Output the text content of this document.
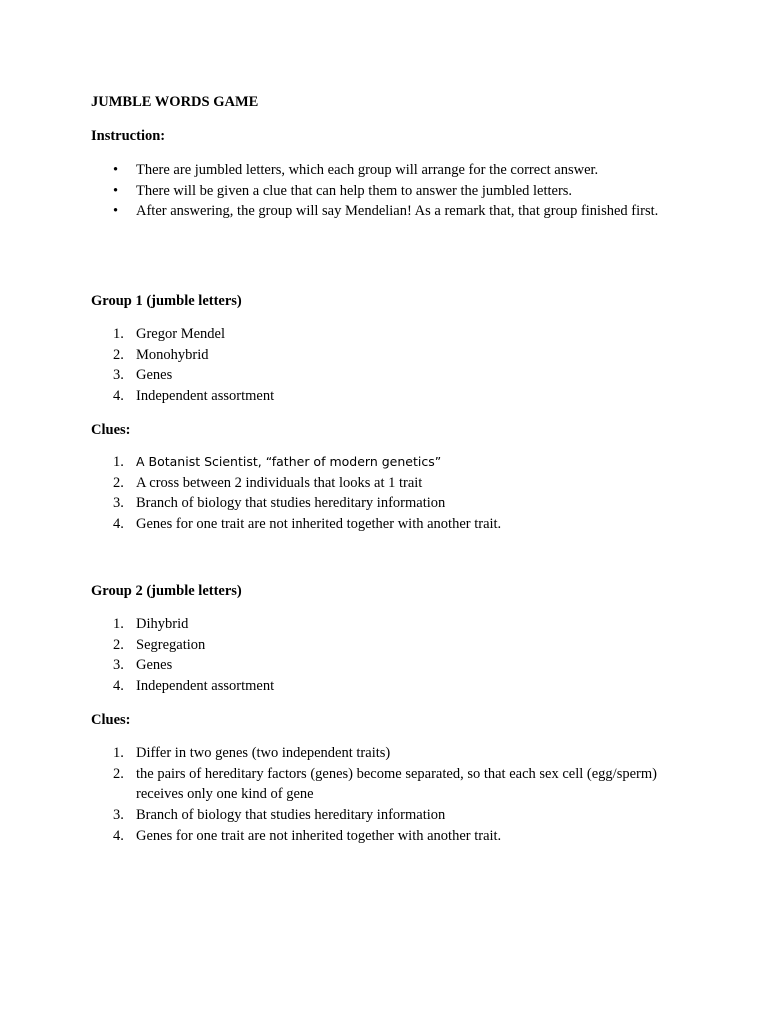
JUMBLE WORDS GAME
Instruction:
• There are jumbled letters, which each group will arrange for the correct answer.
• There will be given a clue that can help them to answer the jumbled letters.
• After answering, the group will say Mendelian! As a remark that, that group finished first.
Group 1 (jumble letters)
1. Gregor Mendel
2. Monohybrid
3. Genes
4. Independent assortment
Clues:
1. A Botanist Scientist, “father of modern genetics”
2. A cross between 2 individuals that looks at 1 trait
3. Branch of biology that studies hereditary information
4. Genes for one trait are not inherited together with another trait.
Group 2 (jumble letters)
1. Dihybrid
2. Segregation
3. Genes
4. Independent assortment
Clues:
1. Differ in two genes (two independent traits)
2. the pairs of hereditary factors (genes) become separated, so that each sex cell (egg/sperm) receives only one kind of gene
3. Branch of biology that studies hereditary information
4. Genes for one trait are not inherited together with another trait.
